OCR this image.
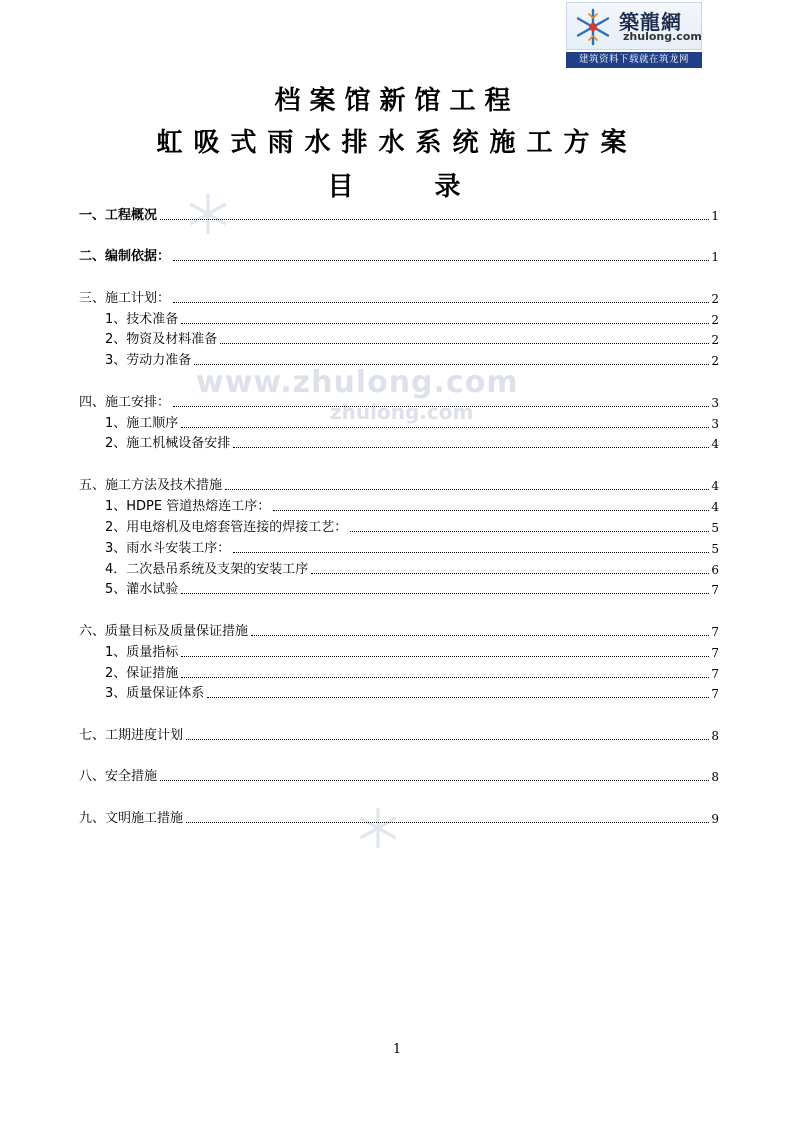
築龍網
zhulong.com
建筑资料下载就在筑龙网
档案馆新馆工程
虹吸式雨水排水系统施工方案
目 录
www.zhulong.com
zhulong.com
一、工程概况	1
二、编制依据：	1
三、施工计划：	2
1、技术准备	2
2、物资及材料准备	2
3、劳动力准备	2
四、施工安排：	3
1、施工顺序	3
2、施工机械设备安排	4
五、施工方法及技术措施	4
1、HDPE 管道热熔连工序：	4
2、用电熔机及电熔套管连接的焊接工艺：	5
3、雨水斗安装工序：	5
4．二次悬吊系统及支架的安装工序	6
5、灌水试验	7
六、质量目标及质量保证措施	7
1、质量指标	7
2、保证措施	7
3、质量保证体系	7
七、工期进度计划	8
八、安全措施	8
九、文明施工措施	9
1
